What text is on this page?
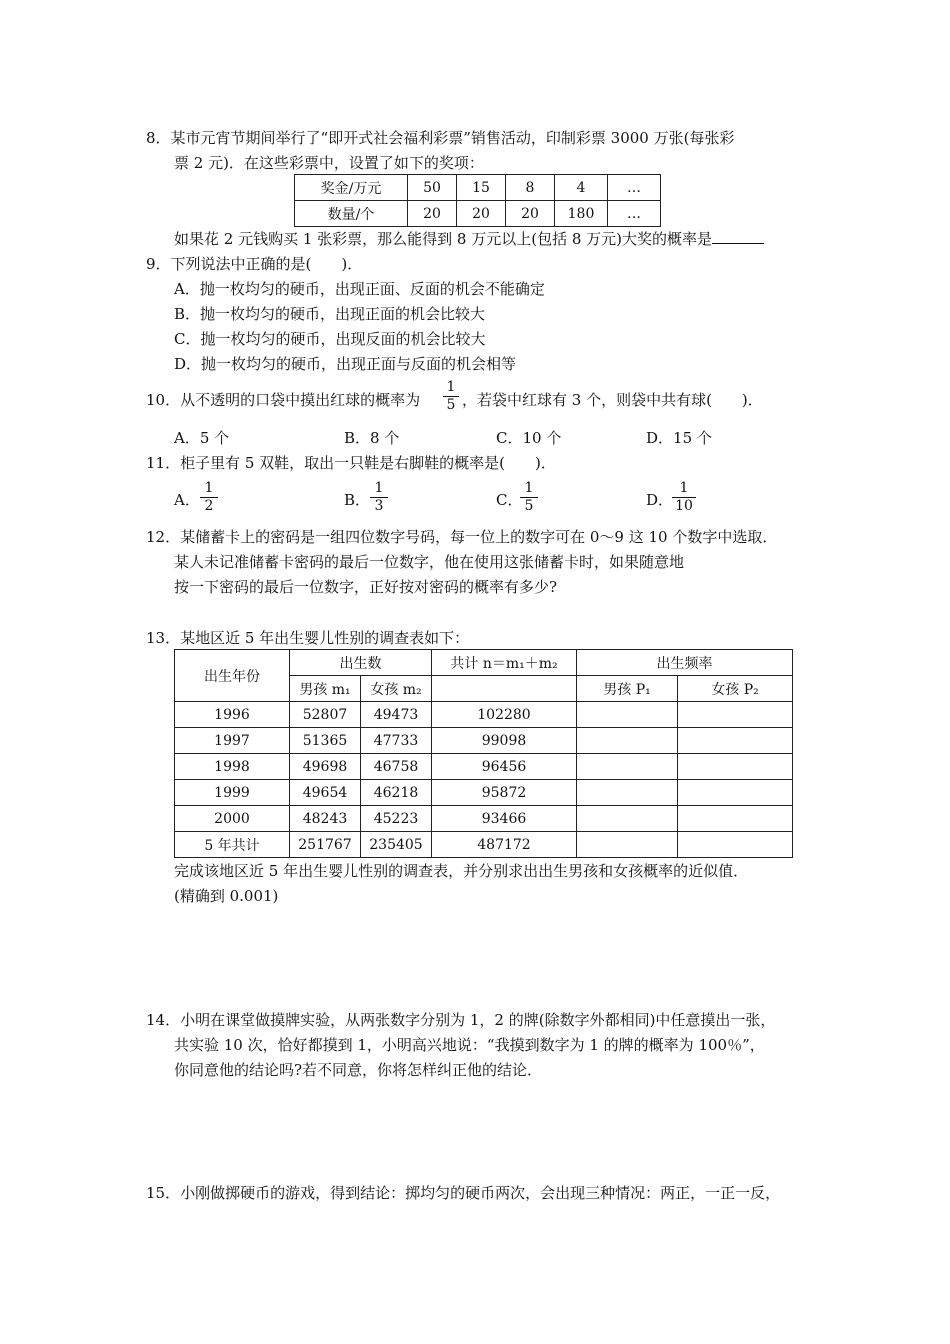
8．某市元宵节期间举行了“即开式社会福利彩票”销售活动，印制彩票 3000 万张(每张彩
票 2 元)．在这些彩票中，设置了如下的奖项：
奖金/万元	50	15	8	4	…
数量/个	20	20	20	180	…
如果花 2 元钱购买 1 张彩票，那么能得到 8 万元以上(包括 8 万元)大奖的概率是
9．下列说法中正确的是(　　)．
A．抛一枚均匀的硬币，出现正面、反面的机会不能确定
B．抛一枚均匀的硬币，出现正面的机会比较大
C．抛一枚均匀的硬币，出现反面的机会比较大
D．抛一枚均匀的硬币，出现正面与反面的机会相等
10．从不透明的口袋中摸出红球的概率为 $\frac{1}{5}$ ，若袋中红球有 3 个，则袋中共有球(　　)．
A．5 个	B．8 个	C．10 个	D．15 个
11．柜子里有 5 双鞋，取出一只鞋是右脚鞋的概率是(　　)．
A． $\frac{1}{2}$	B． $\frac{1}{3}$	C．
$\frac{1}{5}$	D．
$\frac{1}{10}$
12．某储蓄卡上的密码是一组四位数字号码，每一位上的数字可在 0～9 这 10 个数字中选取．
某人未记准储蓄卡密码的最后一位数字，他在使用这张储蓄卡时，如果随意地
按一下密码的最后一位数字，正好按对密码的概率有多少?
13．某地区近 5 年出生婴儿性别的调查表如下：
出生年份	出生数		共计 n＝m₁＋m₂	出生频率	
	男孩 m₁	女孩 m₂		男孩 P₁	女孩 P₂
1996	52807	49473	102280		
1997	51365	47733	99098		
1998	49698	46758	96456		
1999	49654	46218	95872		
2000	48243	45223	93466		
5 年共计	251767	235405	487172		
完成该地区近 5 年出生婴儿性别的调查表，并分别求出出生男孩和女孩概率的近似值．
(精确到 0.001)
14．小明在课堂做摸牌实验，从两张数字分别为 1，2 的牌(除数字外都相同)中任意摸出一张，
共实验 10 次，恰好都摸到 1，小明高兴地说：“我摸到数字为 1 的牌的概率为 100％”，
你同意他的结论吗?若不同意，你将怎样纠正他的结论．
15．小刚做掷硬币的游戏，得到结论：掷均匀的硬币两次，会出现三种情况：两正，一正一反，
